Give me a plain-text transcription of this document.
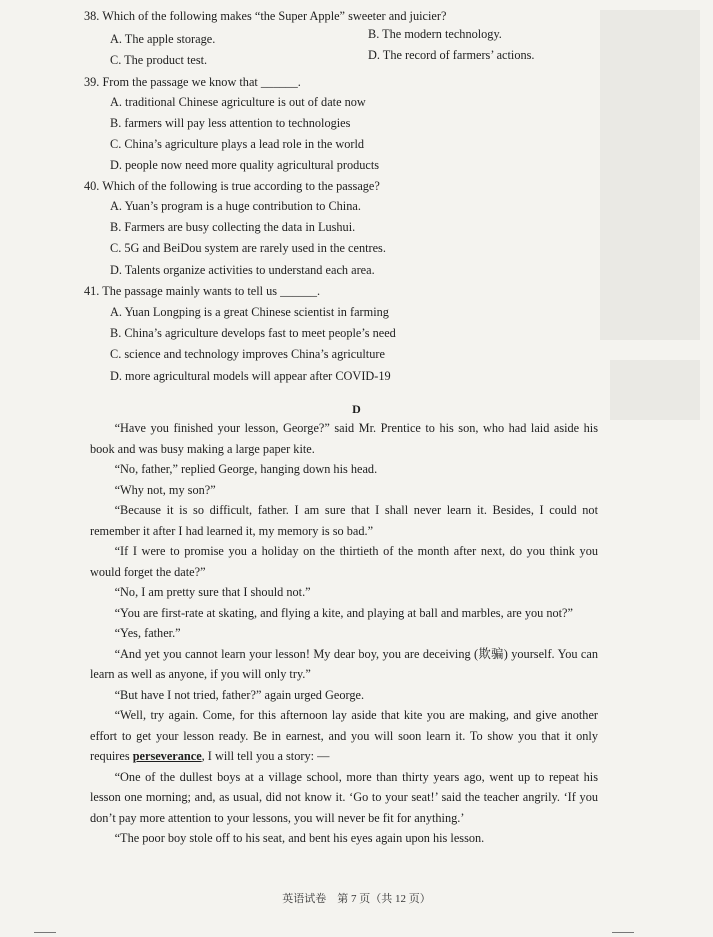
38. Which of the following makes “the Super Apple” sweeter and juicier?
A. The apple storage.	B. The modern technology.
C. The product test.	D. The record of farmers’ actions.
39. From the passage we know that ______.
A. traditional Chinese agriculture is out of date now
B. farmers will pay less attention to technologies
C. China’s agriculture plays a lead role in the world
D. people now need more quality agricultural products
40. Which of the following is true according to the passage?
A. Yuan’s program is a huge contribution to China.
B. Farmers are busy collecting the data in Lushui.
C. 5G and BeiDou system are rarely used in the centres.
D. Talents organize activities to understand each area.
41. The passage mainly wants to tell us ______.
A. Yuan Longping is a great Chinese scientist in farming
B. China’s agriculture develops fast to meet people’s need
C. science and technology improves China’s agriculture
D. more agricultural models will appear after COVID-19
D

“Have you finished your lesson, George?” said Mr. Prentice to his son, who had laid aside his book and was busy making a large paper kite.

“No, father,” replied George, hanging down his head.

“Why not, my son?”

“Because it is so difficult, father. I am sure that I shall never learn it. Besides, I could not remember it after I had learned it, my memory is so bad.”

“If I were to promise you a holiday on the thirtieth of the month after next, do you think you would forget the date?”

“No, I am pretty sure that I should not.”

“You are first-rate at skating, and flying a kite, and playing at ball and marbles, are you not?”

“Yes, father.”

“And yet you cannot learn your lesson! My dear boy, you are deceiving (欺骗) yourself. You can learn as well as anyone, if you will only try.”

“But have I not tried, father?” again urged George.

“Well, try again. Come, for this afternoon lay aside that kite you are making, and give another effort to get your lesson ready. Be in earnest, and you will soon learn it. To show you that it only requires perseverance, I will tell you a story: —

“One of the dullest boys at a village school, more than thirty years ago, went up to repeat his lesson one morning; and, as usual, did not know it. ‘Go to your seat!’ said the teacher angrily. ‘If you don’t pay more attention to your lessons, you will never be fit for anything.’

“The poor boy stole off to his seat, and bent his eyes again upon his lesson.

英语试卷　第 7 页（共 12 页）
